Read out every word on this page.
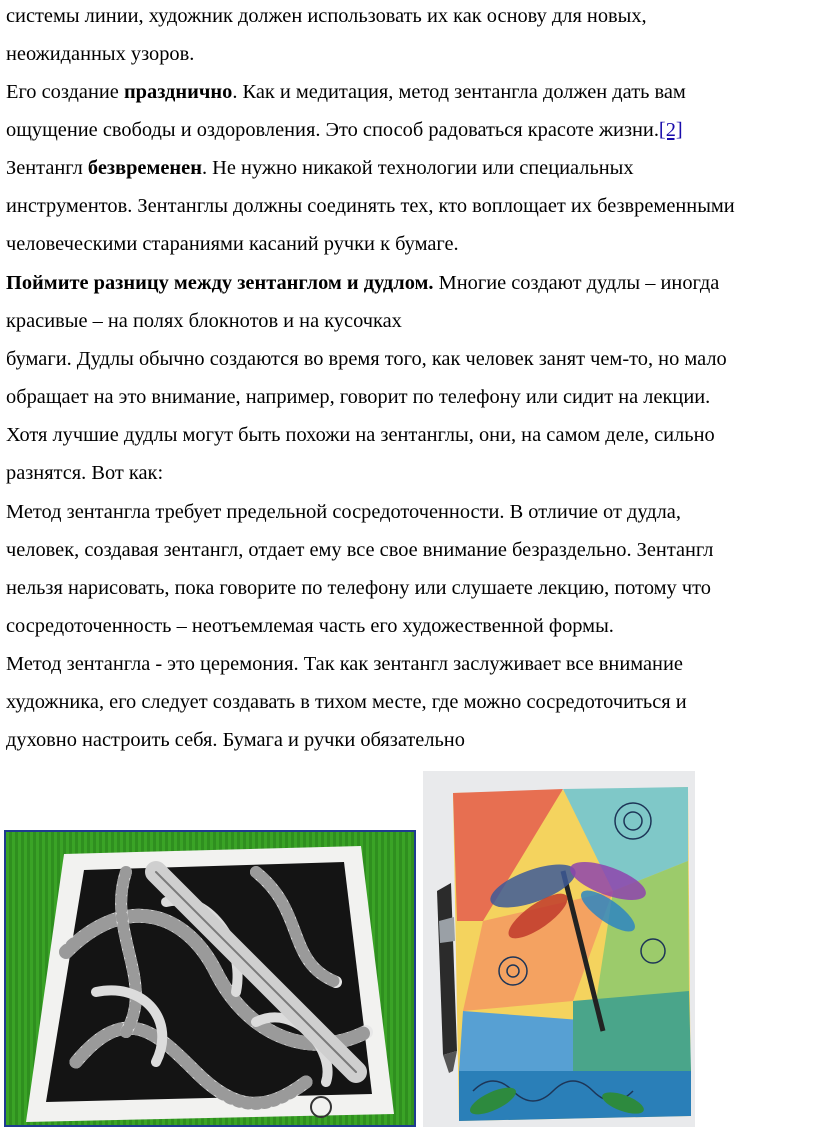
системы линии, художник должен использовать их как основу для новых,
неожиданных узоров.
Его создание празднично. Как и медитация, метод зентангла должен дать вам
ощущение свободы и оздоровления. Это способ радоваться красоте жизни.[2]
Зентангл безвременен. Не нужно никакой технологии или специальных
инструментов. Зентанглы должны соединять тех, кто воплощает их безвременными
человеческими стараниями касаний ручки к бумаге.
Поймите разницу между зентанглом и дудлом. Многие создают дудлы – иногда
красивые – на полях блокнотов и на кусочках
бумаги. Дудлы обычно создаются во время того, как человек занят чем-то, но мало
обращает на это внимание, например, говорит по телефону или сидит на лекции.
Хотя лучшие дудлы могут быть похожи на зентанглы, они, на самом деле, сильно
разнятся. Вот как:
Метод зентангла требует предельной сосредоточенности. В отличие от дудла,
человек, создавая зентангл, отдает ему все свое внимание безраздельно. Зентангл
нельзя нарисовать, пока говорите по телефону или слушаете лекцию, потому что
сосредоточенность – неотъемлемая часть его художественной формы.
Метод зентангла - это церемония. Так как зентангл заслуживает все внимание
художника, его следует создавать в тихом месте, где можно сосредоточиться и
духовно настроить себя. Бумага и ручки обязательно
